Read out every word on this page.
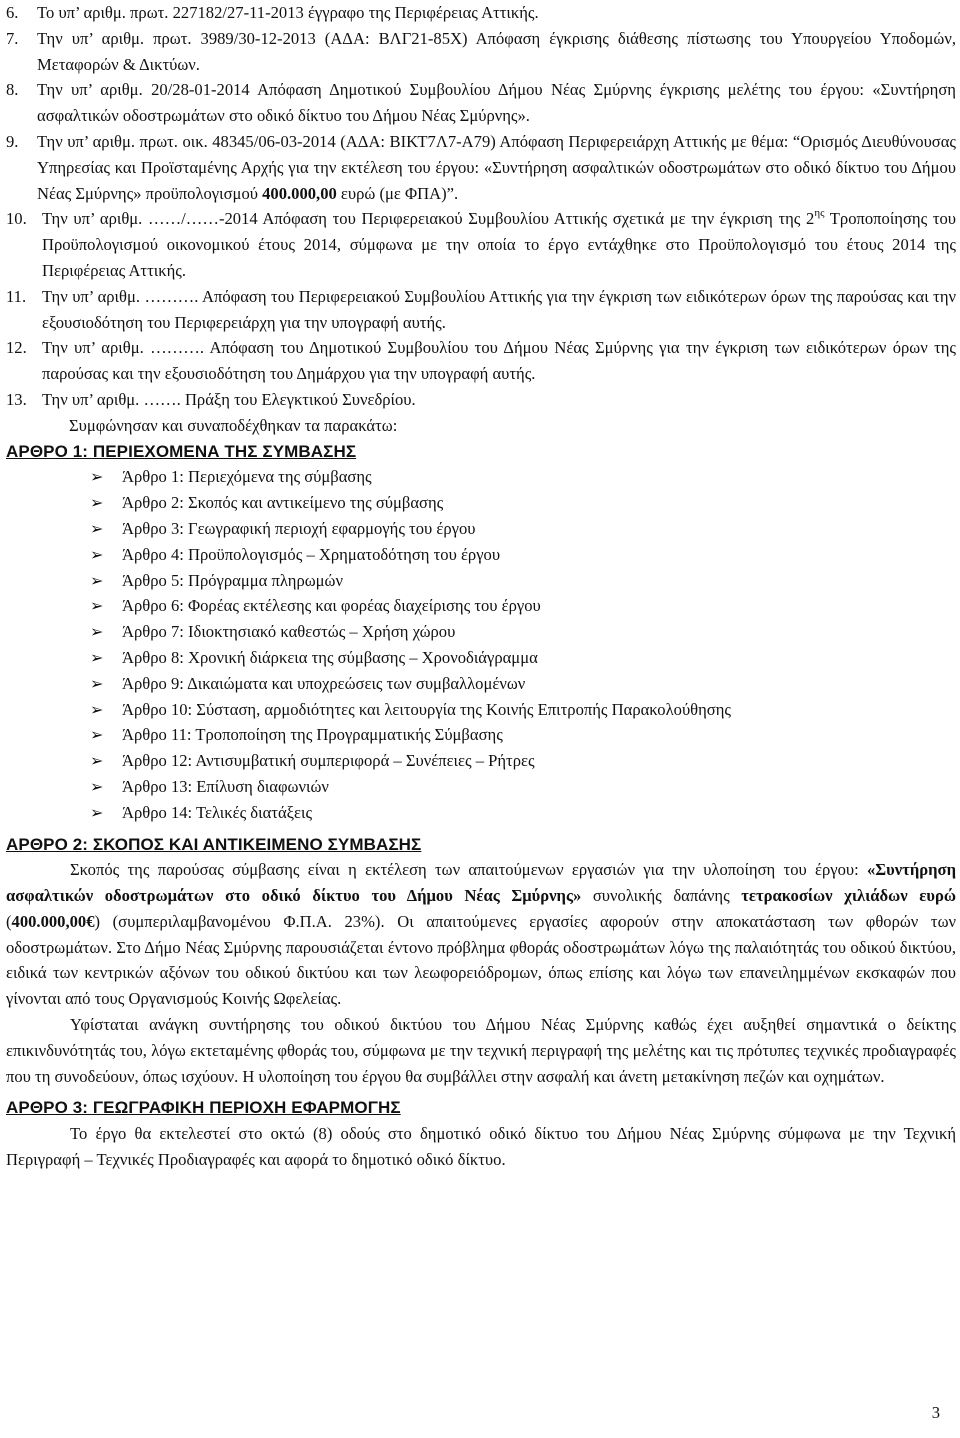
6. Το υπ’ αριθμ. πρωτ. 227182/27-11-2013 έγγραφο της Περιφέρειας Αττικής.
7. Την υπ’ αριθμ. πρωτ. 3989/30-12-2013 (ΑΔΑ: ΒΛΓ21-85Χ) Απόφαση έγκρισης διάθεσης πίστωσης του Υπουργείου Υποδομών, Μεταφορών & Δικτύων.
8. Την υπ’ αριθμ. 20/28-01-2014 Απόφαση Δημοτικού Συμβουλίου Δήμου Νέας Σμύρνης έγκρισης μελέτης του έργου: «Συντήρηση ασφαλτικών οδοστρωμάτων στο οδικό δίκτυο του Δήμου Νέας Σμύρνης».
9. Την υπ’ αριθμ. πρωτ. οικ. 48345/06-03-2014 (ΑΔΑ: ΒΙΚΤ7Λ7-Α79) Απόφαση Περιφερειάρχη Αττικής με θέμα: “Ορισμός Διευθύνουσας Υπηρεσίας και Προϊσταμένης Αρχής για την εκτέλεση του έργου: «Συντήρηση ασφαλτικών οδοστρωμάτων στο οδικό δίκτυο του Δήμου Νέας Σμύρνης» προϋπολογισμού 400.000,00 ευρώ (με ΦΠΑ)”.
10. Την υπ’ αριθμ. ……/……-2014 Απόφαση του Περιφερειακού Συμβουλίου Αττικής σχετικά με την έγκριση της $2^{\eta\varsigma}$ Τροποποίησης του Προϋπολογισμού οικονομικού έτους 2014, σύμφωνα με την οποία το έργο εντάχθηκε στο Προϋπολογισμό του έτους 2014 της Περιφέρειας Αττικής.
11. Την υπ’ αριθμ. ………. Απόφαση του Περιφερειακού Συμβουλίου Αττικής για την έγκριση των ειδικότερων όρων της παρούσας και την εξουσιοδότηση του Περιφερειάρχη για την υπογραφή αυτής.
12. Την υπ’ αριθμ. ………. Απόφαση του Δημοτικού Συμβουλίου του Δήμου Νέας Σμύρνης για την έγκριση των ειδικότερων όρων της παρούσας και την εξουσιοδότηση του Δημάρχου για την υπογραφή αυτής.
13. Την υπ’ αριθμ. ……. Πράξη του Ελεγκτικού Συνεδρίου.
Συμφώνησαν και συναποδέχθηκαν τα παρακάτω:
ΑΡΘΡΟ 1: ΠΕΡΙΕΧΟΜΕΝΑ ΤΗΣ ΣΥΜΒΑΣΗΣ
➢ Άρθρο 1: Περιεχόμενα της σύμβασης
➢ Άρθρο 2: Σκοπός και αντικείμενο της σύμβασης
➢ Άρθρο 3: Γεωγραφική περιοχή εφαρμογής του έργου
➢ Άρθρο 4: Προϋπολογισμός – Χρηματοδότηση του έργου
➢ Άρθρο 5: Πρόγραμμα πληρωμών
➢ Άρθρο 6: Φορέας εκτέλεσης και φορέας διαχείρισης του έργου
➢ Άρθρο 7: Ιδιοκτησιακό καθεστώς – Χρήση χώρου
➢ Άρθρο 8: Χρονική διάρκεια της σύμβασης – Χρονοδιάγραμμα
➢ Άρθρο 9: Δικαιώματα και υποχρεώσεις των συμβαλλομένων
➢ Άρθρο 10: Σύσταση, αρμοδιότητες και λειτουργία της Κοινής Επιτροπής Παρακολούθησης
➢ Άρθρο 11: Τροποποίηση της Προγραμματικής Σύμβασης
➢ Άρθρο 12: Αντισυμβατική συμπεριφορά – Συνέπειες – Ρήτρες
➢ Άρθρο 13: Επίλυση διαφωνιών
➢ Άρθρο 14: Τελικές διατάξεις
ΑΡΘΡΟ 2: ΣΚΟΠΟΣ ΚΑΙ ΑΝΤΙΚΕΙΜΕΝΟ ΣΥΜΒΑΣΗΣ

Σκοπός της παρούσας σύμβασης είναι η εκτέλεση των απαιτούμενων εργασιών για την υλοποίηση του έργου: «Συντήρηση ασφαλτικών οδοστρωμάτων στο οδικό δίκτυο του Δήμου Νέας Σμύρνης» συνολικής δαπάνης τετρακοσίων χιλιάδων ευρώ (400.000,00€) (συμπεριλαμβανομένου Φ.Π.Α. 23%). Οι απαιτούμενες εργασίες αφορούν στην αποκατάσταση των φθορών των οδοστρωμάτων. Στο Δήμο Νέας Σμύρνης παρουσιάζεται έντονο πρόβλημα φθοράς οδοστρωμάτων λόγω της παλαιότητάς του οδικού δικτύου, ειδικά των κεντρικών αξόνων του οδικού δικτύου και των λεωφορειόδρομων, όπως επίσης και λόγω των επανειλημμένων εκσκαφών που γίνονται από τους Οργανισμούς Κοινής Ωφελείας.

Υφίσταται ανάγκη συντήρησης του οδικού δικτύου του Δήμου Νέας Σμύρνης καθώς έχει αυξηθεί σημαντικά ο δείκτης επικινδυνότητάς του, λόγω εκτεταμένης φθοράς του, σύμφωνα με την τεχνική περιγραφή της μελέτης και τις πρότυπες τεχνικές προδιαγραφές που τη συνοδεύουν, όπως ισχύουν. Η υλοποίηση του έργου θα συμβάλλει στην ασφαλή και άνετη μετακίνηση πεζών και οχημάτων.

ΑΡΘΡΟ 3: ΓΕΩΓΡΑΦΙΚΗ ΠΕΡΙΟΧΗ ΕΦΑΡΜΟΓΗΣ

Το έργο θα εκτελεστεί στο οκτώ (8) οδούς στο δημοτικό οδικό δίκτυο του Δήμου Νέας Σμύρνης σύμφωνα με την Τεχνική Περιγραφή – Τεχνικές Προδιαγραφές και αφορά το δημοτικό οδικό δίκτυο.

3
